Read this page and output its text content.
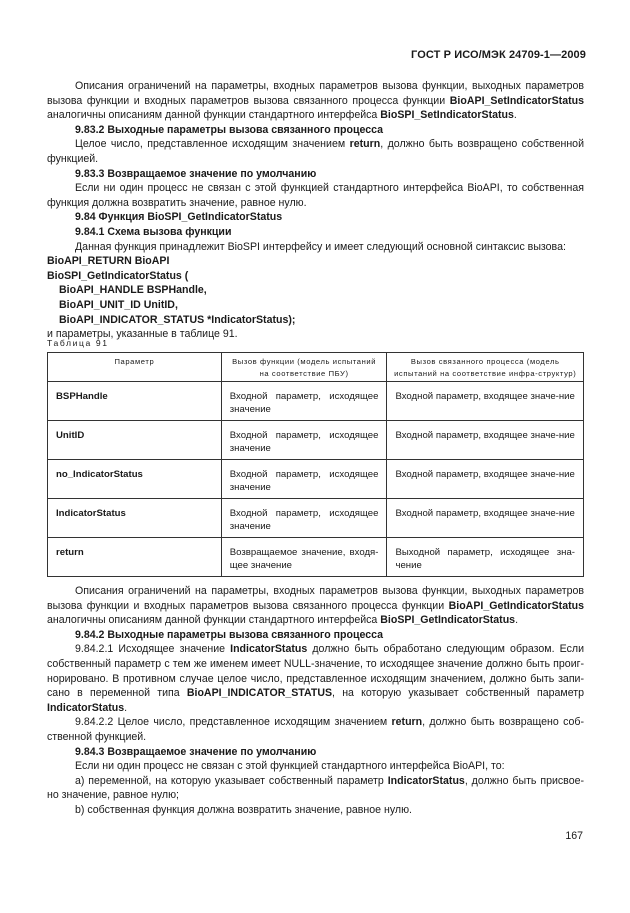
ГОСТ Р ИСО/МЭК 24709-1—2009

Описания ограничений на параметры, входных параметров вызова функции, выходных параметров вызова функции и входных параметров вызова связанного процесса функции BioAPI_SetIndicatorStatus аналогичны описаниям данной функции стандартного интерфейса BioSPI_SetIndicatorStatus.

9.83.2 Выходные параметры вызова связанного процесса

Целое число, представленное исходящим значением return, должно быть возвращено собственной функцией.

9.83.3 Возвращаемое значение по умолчанию

Если ни один процесс не связан с этой функцией стандартного интерфейса BioAPI, то собственная функция должна возвратить значение, равное нулю.

9.84 Функция BioSPI_GetIndicatorStatus

9.84.1 Схема вызова функции

Данная функция принадлежит BioSPI интерфейсу и имеет следующий основной синтаксис вызова:

BioAPI_RETURN BioAPI

BioSPI_GetIndicatorStatus (

BioAPI_HANDLE BSPHandle,

BioAPI_UNIT_ID UnitID,

BioAPI_INDICATOR_STATUS *IndicatorStatus);

и параметры, указанные в таблице 91.

Таблица 91
Параметр	Вызов функции (модель испытаний на соответствие ПБУ)	Вызов связанного процесса (модель испытаний на соответствие инфра-структур)
BSPHandle	Входной параметр, исходящее значение	Входной параметр, входящее значе-ние
UnitID	Входной параметр, исходящее значение	Входной параметр, входящее значе-ние
no_IndicatorStatus	Входной параметр, исходящее значение	Входной параметр, входящее значе-ние
IndicatorStatus	Входной параметр, исходящее значение	Входной параметр, входящее значе-ние
return	Возвращаемое значение, входя-щее значение	Выходной параметр, исходящее зна-чение

Описания ограничений на параметры, входных параметров вызова функции, выходных параметров вызова функции и входных параметров вызова связанного процесса функции BioAPI_GetIndicatorStatus аналогичны описаниям данной функции стандартного интерфейса BioSPI_GetIndicatorStatus.

9.84.2 Выходные параметры вызова связанного процесса

9.84.2.1 Исходящее значение IndicatorStatus должно быть обработано следующим образом. Если собственный параметр с тем же именем имеет NULL-значение, то исходящее значение должно быть проиг-норировано. В противном случае целое число, представленное исходящим значением, должно быть запи-сано в переменной типа BioAPI_INDICATOR_STATUS, на которую указывает собственный параметр IndicatorStatus.

9.84.2.2 Целое число, представленное исходящим значением return, должно быть возвращено соб-ственной функцией.

9.84.3 Возвращаемое значение по умолчанию

Если ни один процесс не связан с этой функцией стандартного интерфейса BioAPI, то:

а) переменной, на которую указывает собственный параметр IndicatorStatus, должно быть присвое-но значение, равное нулю;

b) собственная функция должна возвратить значение, равное нулю.

167
